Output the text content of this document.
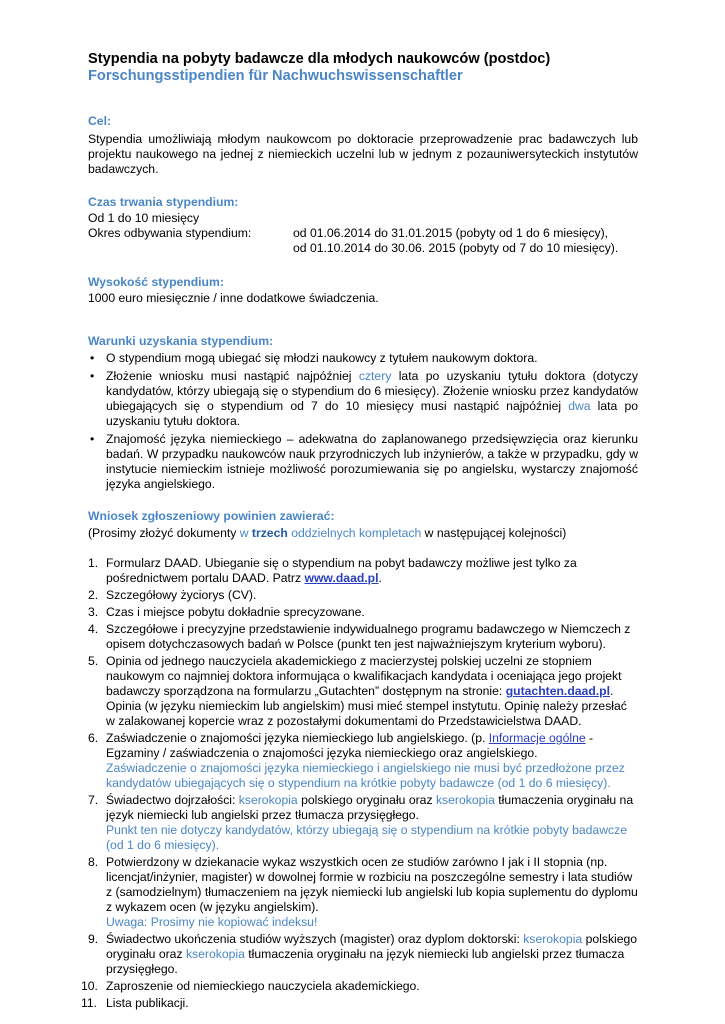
Stypendia na pobyty badawcze dla młodych naukowców (postdoc)
Forschungsstipendien für Nachwuchswissenschaftler
Cel:

Stypendia umożliwiają młodym naukowcom po doktoracie przeprowadzenie prac badawczych lub projektu naukowego na jednej z niemieckich uczelni lub w jednym z pozauniwersyteckich instytutów badawczych.

Czas trwania stypendium:
Od 1 do 10 miesięcy
Okres odbywania stypendium:	od 01.06.2014 do 31.01.2015 (pobyty od 1 do 6 miesięcy),
od 01.10.2014 do 30.06. 2015 (pobyty od 7 do 10 miesięcy).
Wysokość stypendium:

1000 euro miesięcznie / inne dodatkowe świadczenia.

Warunki uzyskania stypendium:
• O stypendium mogą ubiegać się młodzi naukowcy z tytułem naukowym doktora.
• Złożenie wniosku musi nastąpić najpóźniej cztery lata po uzyskaniu tytułu doktora (dotyczy kandydatów, którzy ubiegają się o stypendium do 6 miesięcy). Złożenie wniosku przez kandydatów ubiegających się o stypendium od 7 do 10 miesięcy musi nastąpić najpóźniej dwa lata po uzyskaniu tytułu doktora.
• Znajomość języka niemieckiego – adekwatna do zaplanowanego przedsięwzięcia oraz kierunku badań. W przypadku naukowców nauk przyrodniczych lub inżynierów, a także w przypadku, gdy w instytucie niemieckim istnieje możliwość porozumiewania się po angielsku, wystarczy znajomość języka angielskiego.
Wniosek zgłoszeniowy powinien zawierać:

(Prosimy złożyć dokumenty w trzech oddzielnych kompletach w następującej kolejności)

1. Formularz DAAD. Ubieganie się o stypendium na pobyt badawczy możliwe jest tylko za pośrednictwem portalu DAAD. Patrz www.daad.pl.
2. Szczegółowy życiorys (CV).
3. Czas i miejsce pobytu dokładnie sprecyzowane.
4. Szczegółowe i precyzyjne przedstawienie indywidualnego programu badawczego w Niemczech z opisem dotychczasowych badań w Polsce (punkt ten jest najważniejszym kryterium wyboru).
5. Opinia od jednego nauczyciela akademickiego z macierzystej polskiej uczelni ze stopniem naukowym co najmniej doktora informująca o kwalifikacjach kandydata i oceniająca jego projekt badawczy sporządzona na formularzu „Gutachten” dostępnym na stronie: gutachten.daad.pl. Opinia (w języku niemieckim lub angielskim) musi mieć stempel instytutu. Opinię należy przesłać w zalakowanej kopercie wraz z pozostałymi dokumentami do Przedstawicielstwa DAAD.
6. Zaświadczenie o znajomości języka niemieckiego lub angielskiego. (p. Informacje ogólne - Egzaminy / zaświadczenia o znajomości języka niemieckiego oraz angielskiego.
Zaświadczenie o znajomości języka niemieckiego i angielskiego nie musi być przedłożone przez kandydatów ubiegających się o stypendium na krótkie pobyty badawcze (od 1 do 6 miesięcy).
7. Świadectwo dojrzałości: kserokopia polskiego oryginału oraz kserokopia tłumaczenia oryginału na język niemiecki lub angielski przez tłumacza przysięgłego.
Punkt ten nie dotyczy kandydatów, którzy ubiegają się o stypendium na krótkie pobyty badawcze (od 1 do 6 miesięcy).
8. Potwierdzony w dziekanacie wykaz wszystkich ocen ze studiów zarówno I jak i II stopnia (np. licencjat/inżynier, magister) w dowolnej formie w rozbiciu na poszczególne semestry i lata studiów z (samodzielnym) tłumaczeniem na język niemiecki lub angielski lub kopia suplementu do dyplomu z wykazem ocen (w języku angielskim).
Uwaga: Prosimy nie kopiować indeksu!
9. Świadectwo ukończenia studiów wyższych (magister) oraz dyplom doktorski: kserokopia polskiego oryginału oraz kserokopia tłumaczenia oryginału na język niemiecki lub angielski przez tłumacza przysięgłego.
10. Zaproszenie od niemieckiego nauczyciela akademickiego.
11. Lista publikacji.
